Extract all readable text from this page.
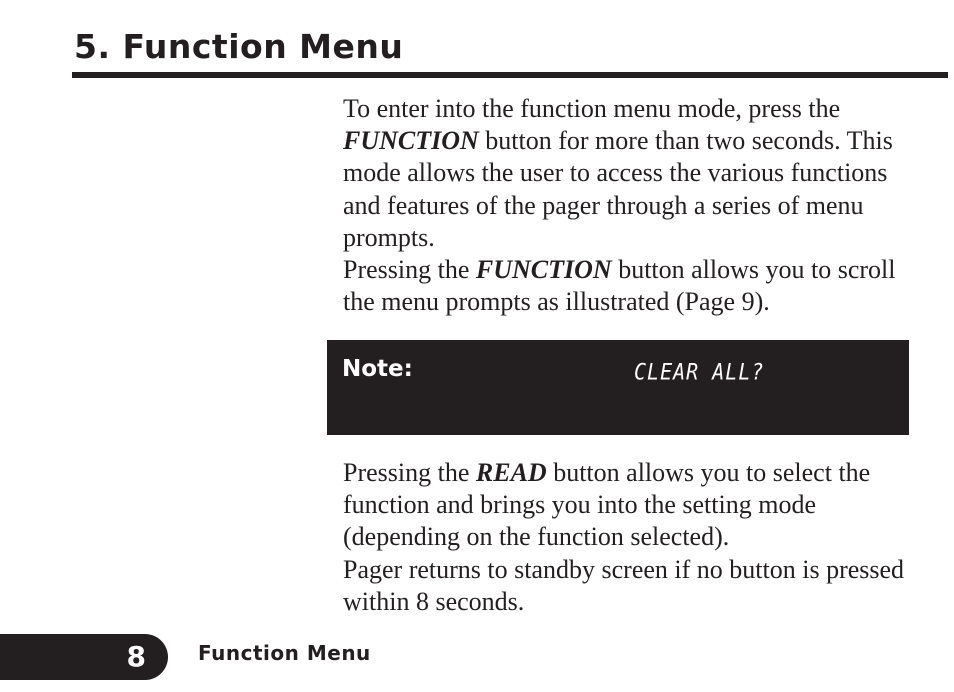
5. Function Menu

To enter into the function menu mode, press the FUNCTION button for more than two seconds. This mode allows the user to access the various functions and features of the pager through a series of menu prompts.
Pressing the FUNCTION button allows you to scroll the menu prompts as illustrated (Page 9).

Note:	CLEAR ALL?

Pressing the READ button allows you to select the function and brings you into the setting mode (depending on the function selected).
Pager returns to standby screen if no button is pressed within 8 seconds.

8	Function Menu
